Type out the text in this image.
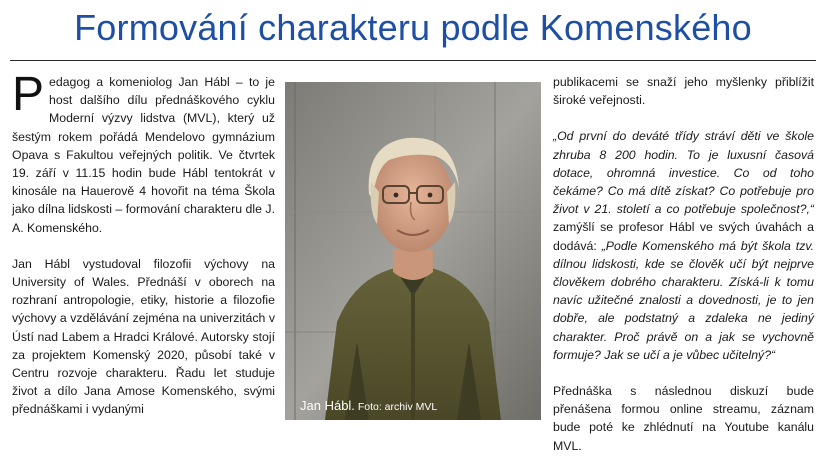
Formování charakteru podle Komenského

Pedagog a komeniolog Jan Hábl – to je host dalšího dílu přednáškového cyklu Moderní výzvy lidstva (MVL), který už šestým rokem pořádá Mendelovo gymnázium Opava s Fakultou veřejných politik. Ve čtvrtek 19. září v 11.15 hodin bude Hábl tentokrát v kinosále na Hauerově 4 hovořit na téma Škola jako dílna lidskosti – formování charakteru dle J. A. Komenského.

Jan Hábl vystudoval filozofii výchovy na University of Wales. Přednáší v oborech na rozhraní antropologie, etiky, historie a filozofie výchovy a vzdělávání zejména na univerzitách v Ústí nad Labem a Hradci Králové. Autorsky stojí za projektem Komenský 2020, působí také v Centru rozvoje charakteru. Řadu let studuje život a dílo Jana Amose Komenského, svými přednáškami i vydanými	Jan Hábl. Foto: archiv MVL

publikacemi se snaží jeho myšlenky přiblížit široké veřejnosti.

„Od první do deváté třídy stráví děti ve škole zhruba 8 200 hodin. To je luxusní časová dotace, ohromná investice. Co od toho čekáme? Co má dítě získat? Co potřebuje pro život v 21. století a co potřebuje společnost?,“ zamýšlí se profesor Hábl ve svých úvahách a dodává: „Podle Komenského má být škola tzv. dílnou lidskosti, kde se člověk učí být nejprve člověkem dobrého charakteru. Získá-li k tomu navíc užitečné znalosti a dovednosti, je to jen dobře, ale podstatný a zdaleka ne jediný charakter. Proč právě on a jak se vychovně formuje? Jak se učí a je vůbec učitelný?“

Přednáška s následnou diskuzí bude přenášena formou online streamu, záznam bude poté ke zhlédnutí na Youtube kanálu MVL.
